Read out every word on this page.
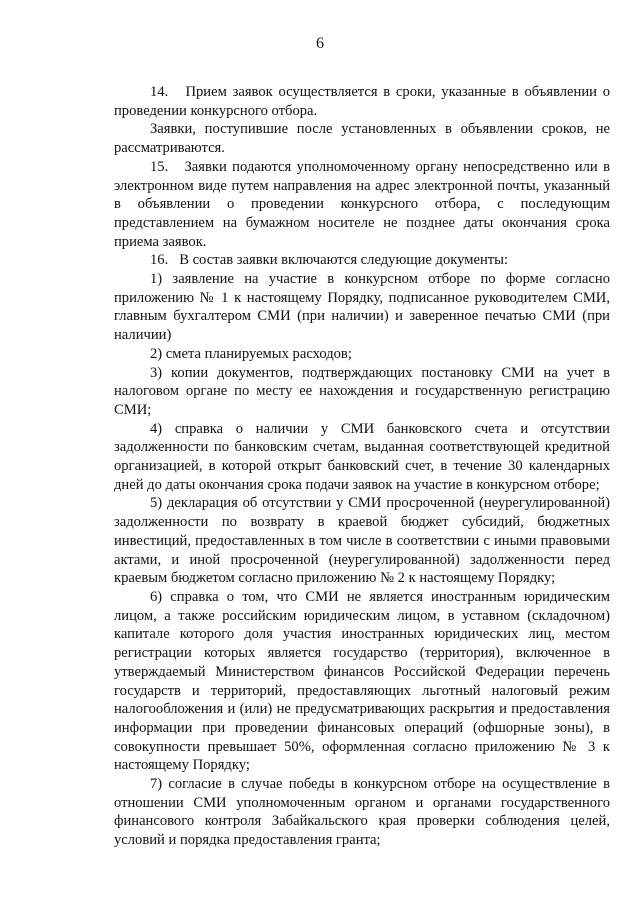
6

14.   Прием заявок осуществляется в сроки, указанные в объявлении о проведении конкурсного отбора.

Заявки, поступившие после установленных в объявлении сроков, не рассматриваются.

15.   Заявки подаются уполномоченному органу непосредственно или в электронном виде путем направления на адрес электронной почты, указанный в объявлении о проведении конкурсного отбора, с последующим представлением на бумажном носителе не позднее даты окончания срока приема заявок.

16.   В состав заявки включаются следующие документы:

1) заявление на участие в конкурсном отборе по форме согласно приложению № 1 к настоящему Порядку, подписанное руководителем СМИ, главным бухгалтером СМИ (при наличии) и заверенное печатью СМИ (при наличии)

2) смета планируемых расходов;

3) копии документов, подтверждающих постановку СМИ на учет в налоговом органе по месту ее нахождения и государственную регистрацию СМИ;

4) справка о наличии у СМИ банковского счета и отсутствии задолженности по банковским счетам, выданная соответствующей кредитной организацией, в которой открыт банковский счет, в течение 30 календарных дней до даты окончания срока подачи заявок на участие в конкурсном отборе;

5) декларация об отсутствии у СМИ просроченной (неурегулированной) задолженности по возврату в краевой бюджет субсидий, бюджетных инвестиций, предоставленных в том числе в соответствии с иными правовыми актами, и иной просроченной (неурегулированной) задолженности перед краевым бюджетом согласно приложению № 2 к настоящему Порядку;

6) справка о том, что СМИ не является иностранным юридическим лицом, а также российским юридическим лицом, в уставном (складочном) капитале которого доля участия иностранных юридических лиц, местом регистрации которых является государство (территория), включенное в утверждаемый Министерством финансов Российской Федерации перечень государств и территорий, предоставляющих льготный налоговый режим налогообложения и (или) не предусматривающих раскрытия и предоставления информации при проведении финансовых операций (офшорные зоны), в совокупности превышает 50%, оформленная согласно приложению № 3 к настоящему Порядку;

7) согласие в случае победы в конкурсном отборе на осуществление в отношении СМИ уполномоченным органом и органами государственного финансового контроля Забайкальского края проверки соблюдения целей, условий и порядка предоставления гранта;
